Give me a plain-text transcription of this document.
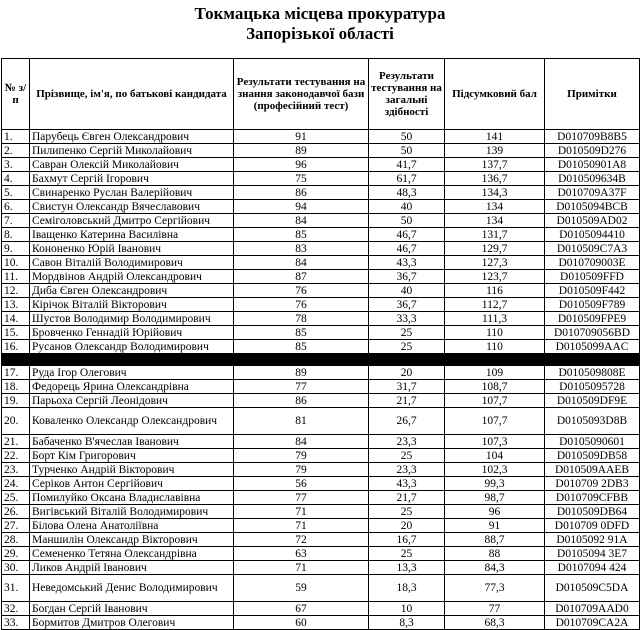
Токмацька місцева прокуратура
Запорізької області
№ з/п	Прізвище, ім'я, по батькові кандидата	Результати тестування на знання законодавчої бази (професійний тест)	Результати тестування на загальні здібності	Підсумковий бал	Примітки
1.	Парубець Євген Олександрович	91	50	141	D010709B8B5
2.	Пилипенко Сергій Миколайович	89	50	139	D010509D276
3.	Савран Олексій Миколайович	96	41,7	137,7	D01050901A8
4.	Бахмут Сергій Ігорович	75	61,7	136,7	D010509634B
5.	Свинаренко Руслан Валерійович	86	48,3	134,3	D010709A37F
6.	Свистун Олександр Вячеславович	94	40	134	D0105094BCB
7.	Семіголовський Дмитро Сергійович	84	50	134	D010509AD02
8.	Іващенко Катерина Василівна	85	46,7	131,7	D0105094410
9.	Кононенко Юрій Іванович	83	46,7	129,7	D010509C7A3
10.	Савон Віталій Володимирович	84	43,3	127,3	D010709003E
11.	Мордвінов Андрій Олександрович	87	36,7	123,7	D010509FFD
12.	Диба Євген Олександрович	76	40	116	D010509F442
13.	Кірічок Віталій Вікторович	76	36,7	112,7	D010509F789
14.	Шустов Володимир Володимирович	78	33,3	111,3	D010509FPE9
15.	Бровченко Геннадій Юрійович	85	25	110	D010709056BD
16.	Русанов Олександр Володимирович	85	25	110	D0105099AAC

17.	Руда Ігор Олегович	89	20	109	D010509808E
18.	Федорець Ярина Олександрівна	77	31,7	108,7	D0105095728
19.	Парьоха Сергій Леонідович	86	21,7	107,7	D010509DF9E
20.	Коваленко Олександр Олександрович	81	26,7	107,7	D0105093D8B
21.	Бабаченко В'ячеслав Іванович	84	23,3	107,3	D0105090601
22.	Борт Кім Григорович	79	25	104	D010509DB58
23.	Турченко Андрій Вікторович	79	23,3	102,3	D010509AAEB
24.	Серіков Антон Сергійович	56	43,3	99,3	D010709 2DB3
25.	Помилуйко Оксана Владиславівна	77	21,7	98,7	D010709CFBB
26.	Вигівський Віталій Володимирович	71	25	96	D010509DB64
27.	Білова Олена Анатоліївна	71	20	91	D010709 0DFD
28.	Маншилін Олександр Вікторович	72	16,7	88,7	D0105092 91A
29.	Семененко Тетяна Олександрівна	63	25	88	D0105094 3E7
30.	Ликов Андрій Іванович	71	13,3	84,3	D0107094 424
31.	Неведомський Денис Володимирович	59	18,3	77,3	D010509C5DA
32.	Богдан Сергій Іванович	67	10	77	D010709AAD0
33.	Бормитов Дмитров Олегович	60	8,3	68,3	D010709CA2A
